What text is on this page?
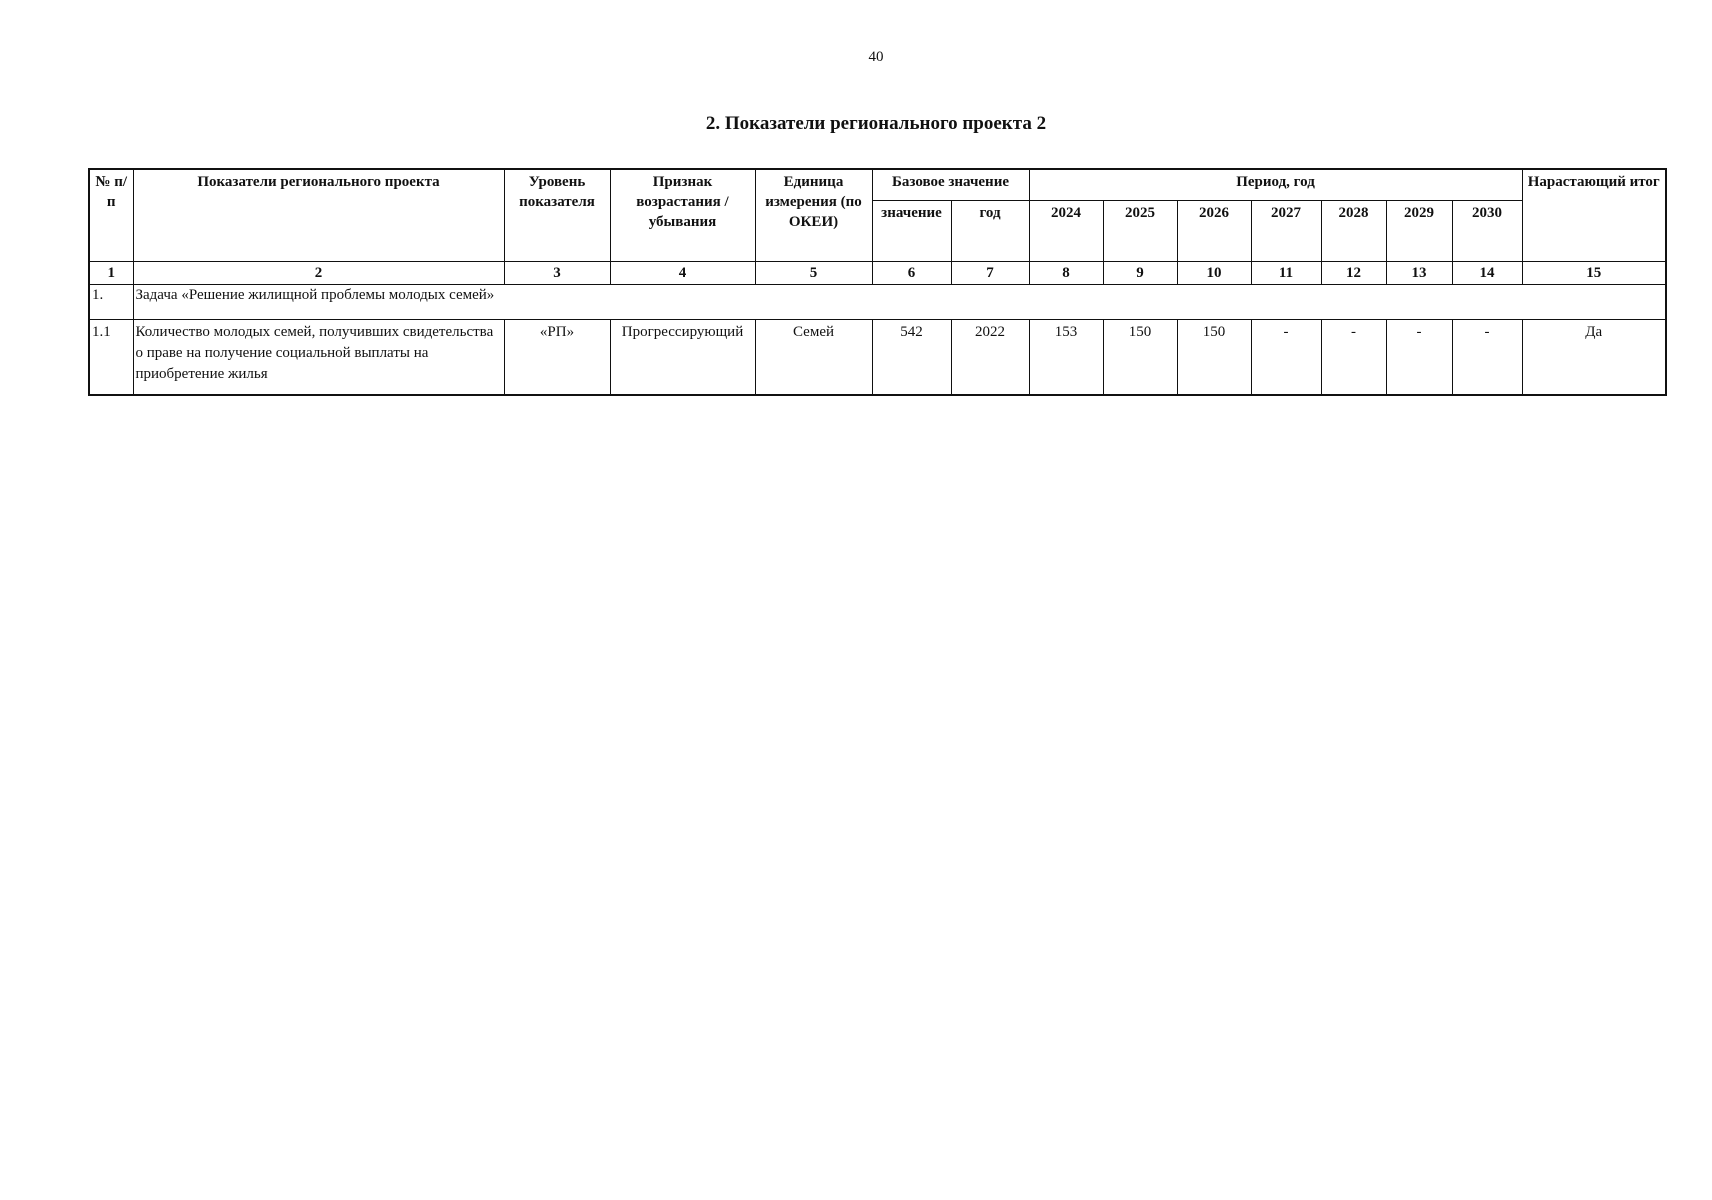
40
2. Показатели регионального проекта 2
№ п/п	Показатели регионального проекта	Уровень показателя	Признак возрастания / убывания	Единица измерения (по ОКЕИ)	Базовое значение		Период, год							Нарастающий итог
					значение	год	2024	2025	2026	2027	2028	2029	2030	
1	2	3	4	5	6	7	8	9	10	11	12	13	14	15
1.	Задача «Решение жилищной проблемы молодых семей»													
1.1	Количество молодых семей, получивших свидетельства о праве на получение социальной выплаты на приобретение жилья	«РП»	Прогрессирующий	Семей	542	2022	153	150	150	-	-	-	-	Да
